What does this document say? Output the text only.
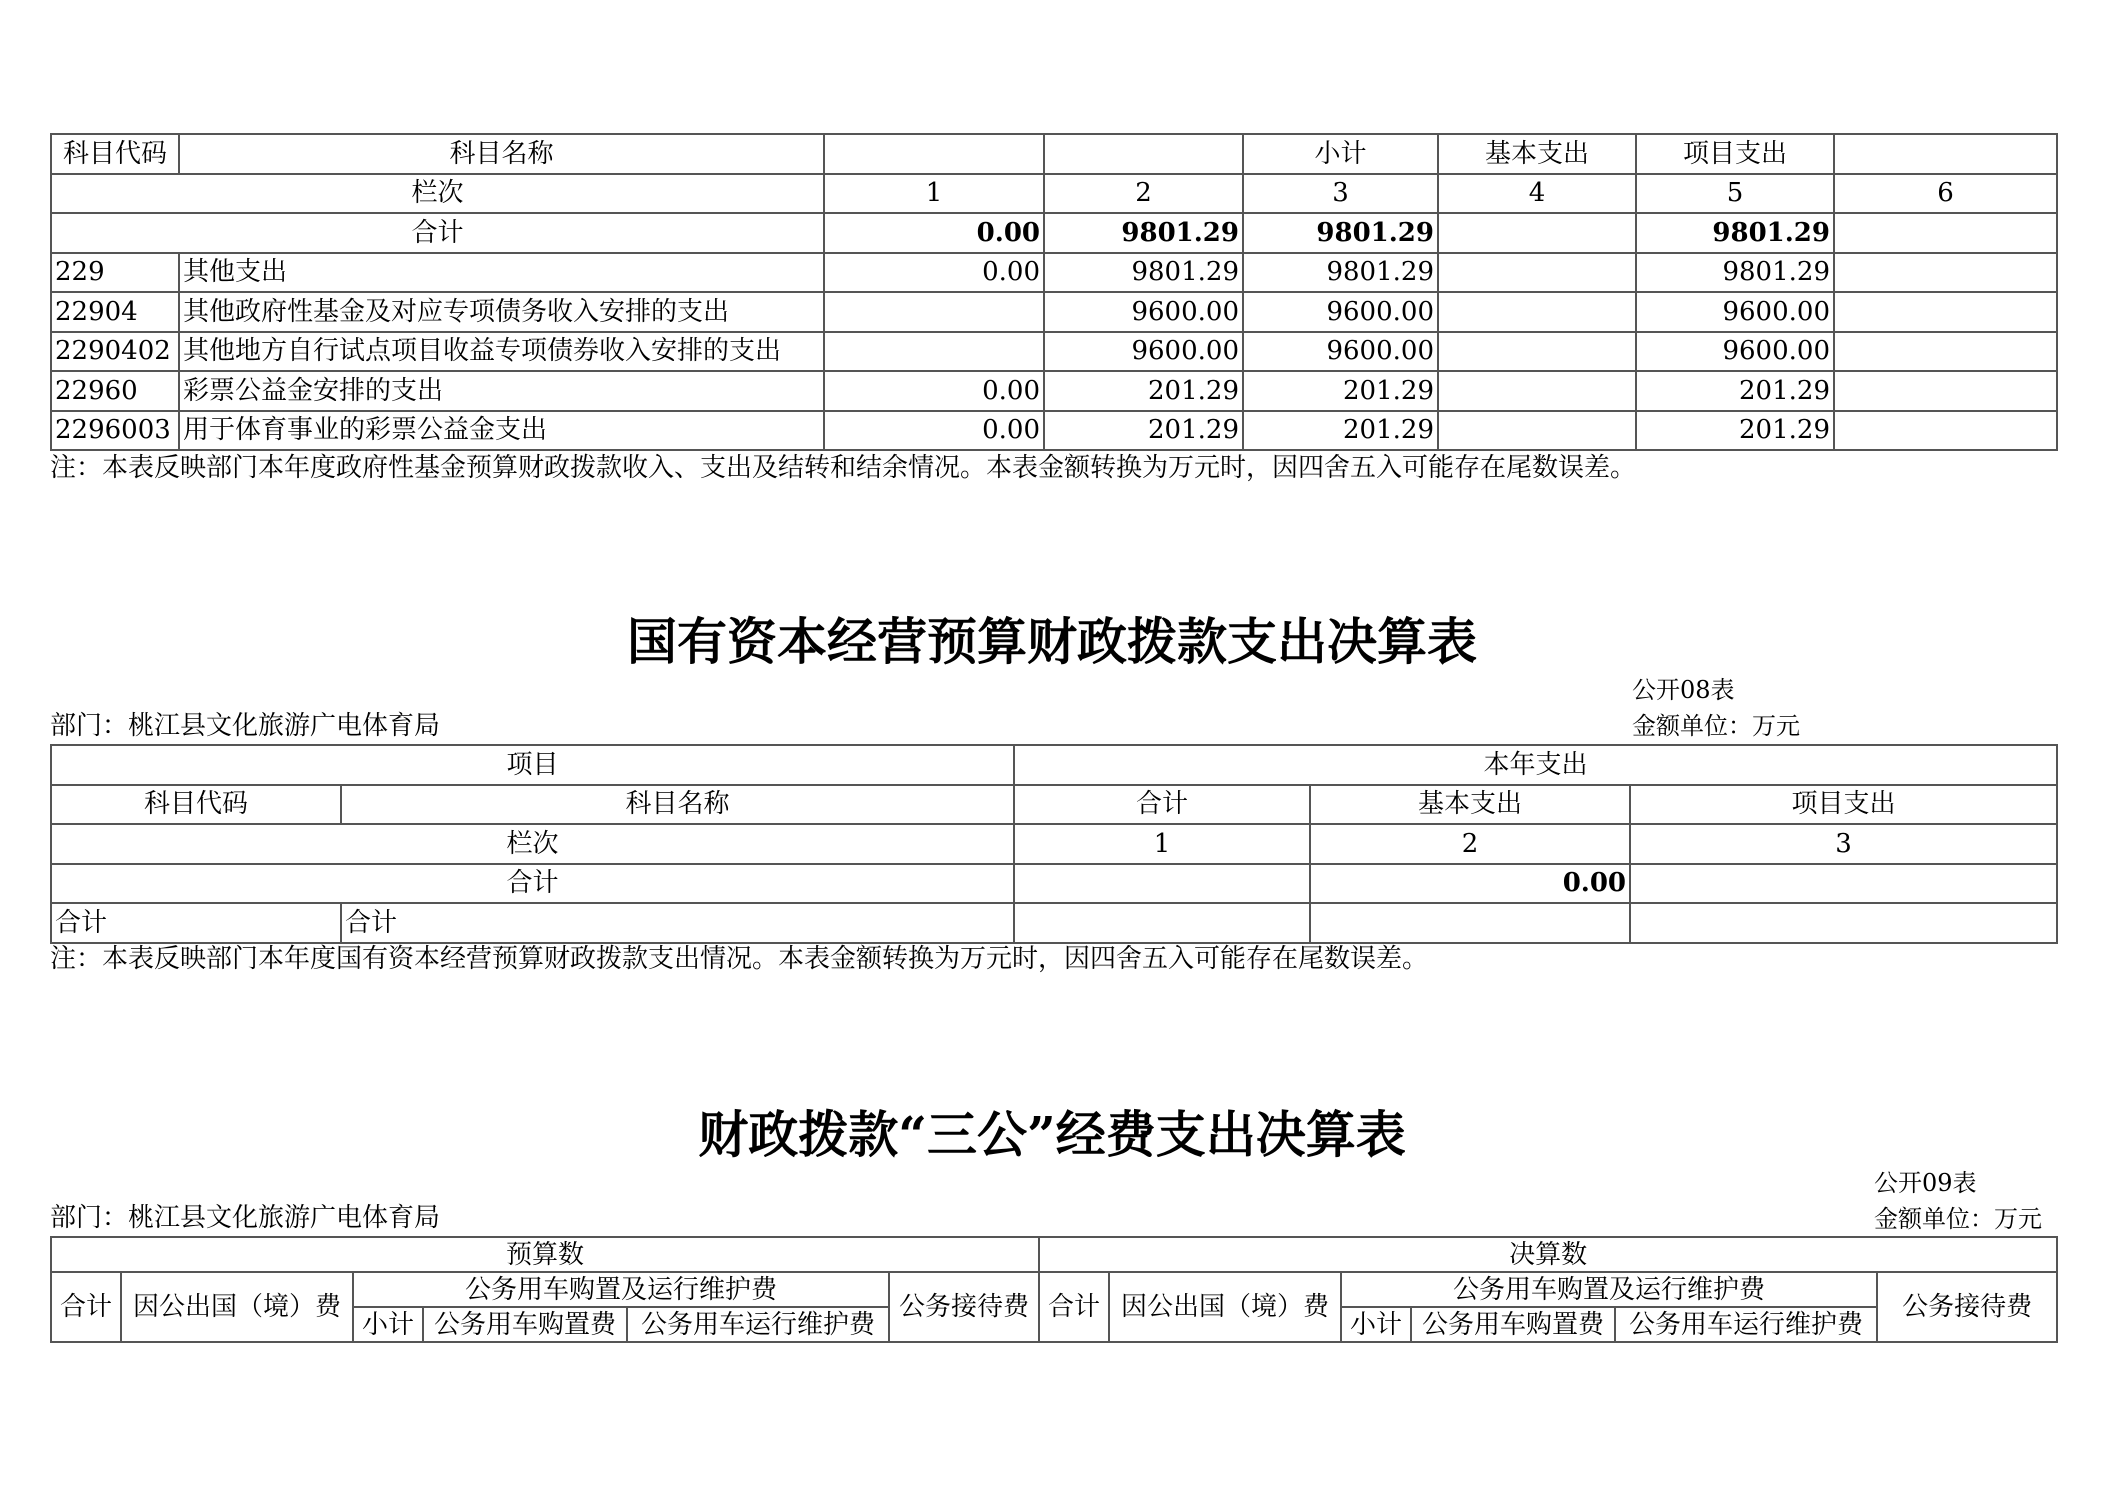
科目代码	科目名称			小计	基本支出	项目支出	
栏次		1	2	3	4	5	6
合计		0.00	9801.29	9801.29		9801.29	
229	其他支出	0.00	9801.29	9801.29		9801.29	
22904	其他政府性基金及对应专项债务收入安排的支出		9600.00	9600.00		9600.00	
2290402	其他地方自行试点项目收益专项债券收入安排的支出		9600.00	9600.00		9600.00	
22960	彩票公益金安排的支出	0.00	201.29	201.29		201.29	
2296003	用于体育事业的彩票公益金支出	0.00	201.29	201.29		201.29	
注：本表反映部门本年度政府性基金预算财政拨款收入、支出及结转和结余情况。本表金额转换为万元时，因四舍五入可能存在尾数误差。
国有资本经营预算财政拨款支出决算表
公开08表
金额单位：万元
部门：桃江县文化旅游广电体育局
项目		本年支出		
科目代码	科目名称	合计	基本支出	项目支出
栏次		1	2	3
合计			0.00	
合计	合计			
注：本表反映部门本年度国有资本经营预算财政拨款支出情况。本表金额转换为万元时，因四舍五入可能存在尾数误差。
财政拨款“三公”经费支出决算表
公开09表
金额单位：万元
部门：桃江县文化旅游广电体育局
预算数						决算数					
合计	因公出国（境）费	公务用车购置及运行维护费			公务接待费	合计	因公出国（境）费	公务用车购置及运行维护费			公务接待费
		小计	公务用车购置费	公务用车运行维护费				小计	公务用车购置费	公务用车运行维护费	
